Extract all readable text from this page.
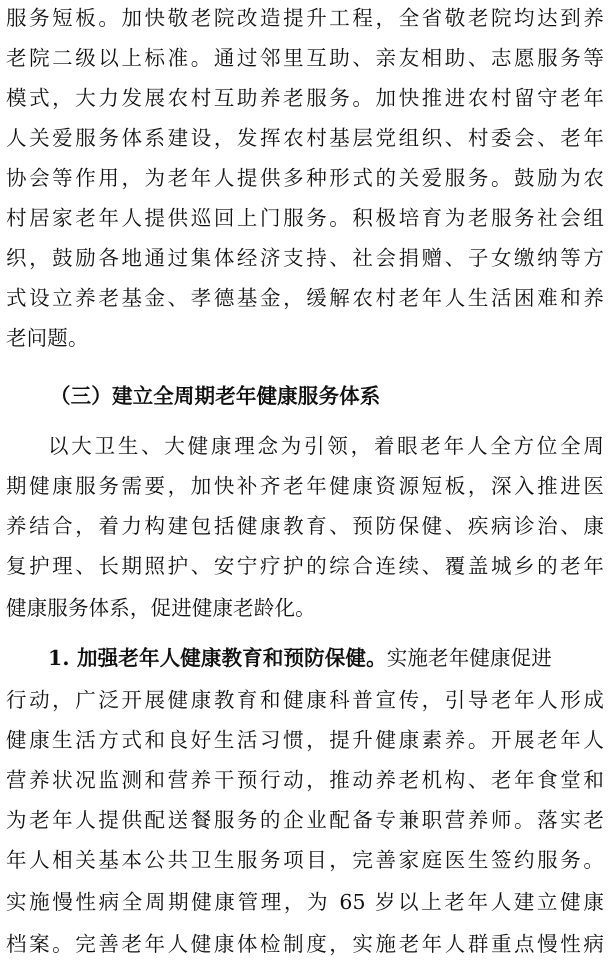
服务短板。加快敬老院改造提升工程，全省敬老院均达到养
老院二级以上标准。通过邻里互助、亲友相助、志愿服务等
模式，大力发展农村互助养老服务。加快推进农村留守老年
人关爱服务体系建设，发挥农村基层党组织、村委会、老年
协会等作用，为老年人提供多种形式的关爱服务。鼓励为农
村居家老年人提供巡回上门服务。积极培育为老服务社会组
织，鼓励各地通过集体经济支持、社会捐赠、子女缴纳等方
式设立养老基金、孝德基金，缓解农村老年人生活困难和养
老问题。
（三）建立全周期老年健康服务体系
以大卫生、大健康理念为引领，着眼老年人全方位全周
期健康服务需要，加快补齐老年健康资源短板，深入推进医
养结合，着力构建包括健康教育、预防保健、疾病诊治、康
复护理、长期照护、安宁疗护的综合连续、覆盖城乡的老年
健康服务体系，促进健康老龄化。
1. 加强老年人健康教育和预防保健。实施老年健康促进
行动，广泛开展健康教育和健康科普宣传，引导老年人形成
健康生活方式和良好生活习惯，提升健康素养。开展老年人
营养状况监测和营养干预行动，推动养老机构、老年食堂和
为老年人提供配送餐服务的企业配备专兼职营养师。落实老
年人相关基本公共卫生服务项目，完善家庭医生签约服务。
实施慢性病全周期健康管理，为 65 岁以上老年人建立健康
档案。完善老年人健康体检制度，实施老年人群重点慢性病
